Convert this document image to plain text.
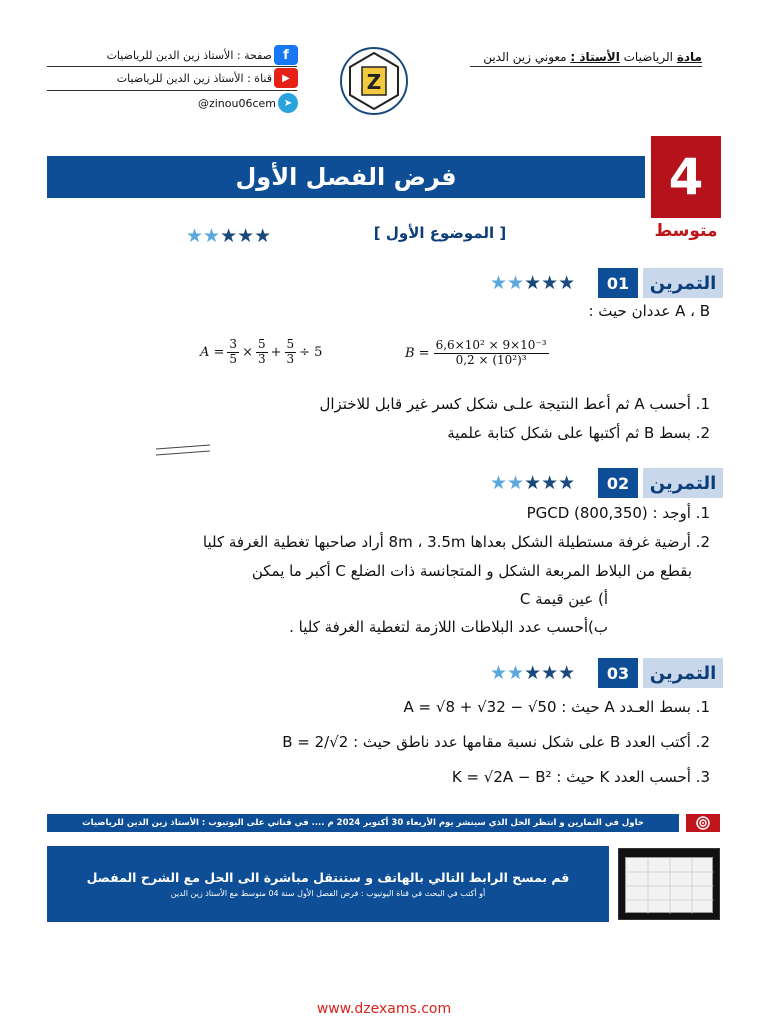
صفحة : الأستاذ زين الدين للرياضيات f
قناة : الأستاذ زين الدين للرياضيات	▶
@zinou06cem ➤
Z
مادة الرياضيات الأستاذ : معوني زين الدين
فرض الفصل الأول	4
متوسط
★★★★★	[ الموضوع الأول ]
التمرين
01
★★★★★
A ، B عددان حيث :
$A = \frac{3}{5} \times \frac{5}{3} + \frac{5}{3} \div 5$	$B = \frac{\text{6,6×10² × 9×10⁻³}}{\text{0,2 × (10²)³}}$
1. أحسب A ثم أعط النتيجة علـى شكل كسر غير قابل للاختزال
2. بسط B ثم أكتبها على شكل كتابة علمية
التمرين
02
★★★★★
1. أوجد : PGCD (800,350)
2. أرضية غرفة مستطيلة الشكل بعداها 8m ، 3.5m أراد صاحبها تغطية الغرفة كليا
بقطع من البلاط المربعة الشكل و المتجانسة ذات الضلع C أكبر ما يمكن
أ) عين قيمة C
ب)أحسب عدد البلاطات اللازمة لتغطية الغرفة كليا .
التمرين
03
★★★★★
1. بسط العـدد A حيث : A = √8 + √32 − √50
2. أكتب العدد B على شكل نسبة مقامها عدد ناطق حيث : B = 2/√2
3. أحسب العدد K حيث : K = √2A − B²
حاول في التمارين و انتظر الحل الذي سينشر يوم الأربعاء 30 أكتوبر 2024 م .... في قناتي على اليوتيوب : الأستاذ زين الدين للرياضيات
قم بمسح الرابط التالي بالهاتف و ستنتقل مباشرة الى الحل مع الشرح المفصل
أو أكتب في البحث في قناة اليوتيوب : فرض الفصل الأول سنة 04 متوسط مع الأستاذ زين الدين
www.dzexams.com
